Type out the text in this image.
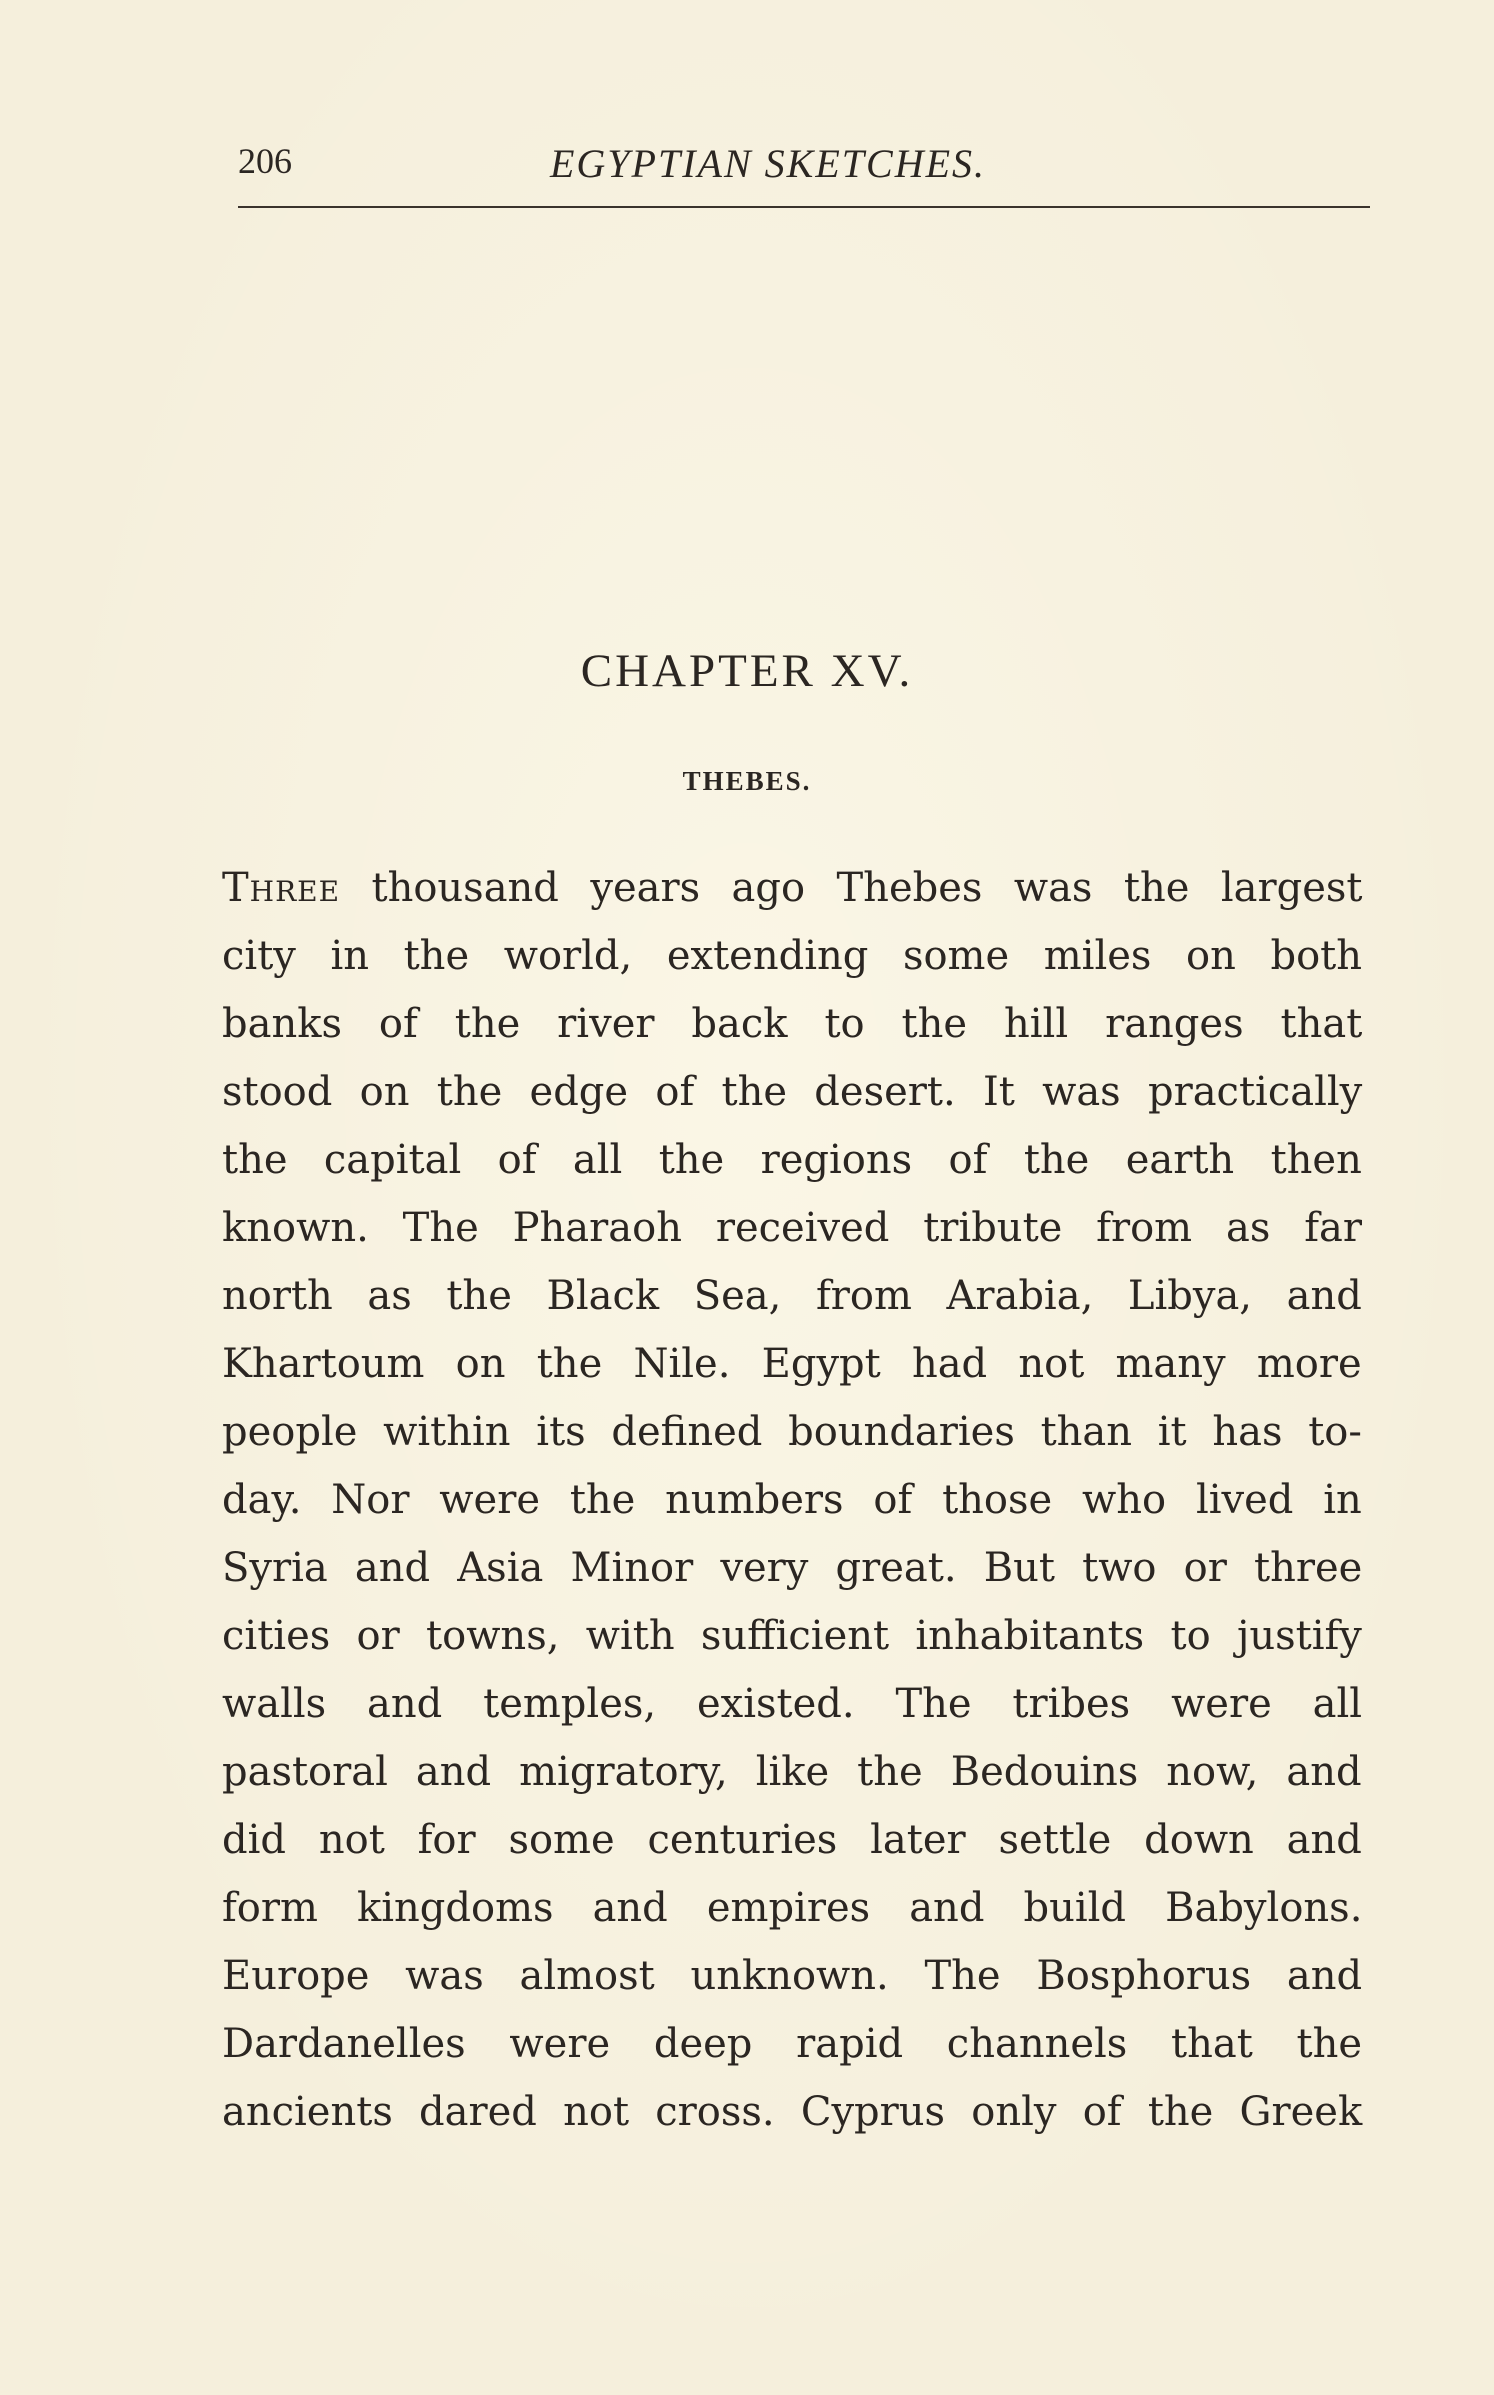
206	EGYPTIAN SKETCHES.
CHAPTER XV.
THEBES.
Three thousand years ago Thebes was the largest
city in the world, extending some miles on both
banks of the river back to the hill ranges that
stood on the edge of the desert. It was practically
the capital of all the regions of the earth then
known. The Pharaoh received tribute from as far
north as the Black Sea, from Arabia, Libya, and
Khartoum on the Nile. Egypt had not many more
people within its defined boundaries than it has to-
day. Nor were the numbers of those who lived in
Syria and Asia Minor very great. But two or three
cities or towns, with sufficient inhabitants to justify
walls and temples, existed. The tribes were all
pastoral and migratory, like the Bedouins now, and
did not for some centuries later settle down and
form kingdoms and empires and build Babylons.
Europe was almost unknown. The Bosphorus and
Dardanelles were deep rapid channels that the
ancients dared not cross. Cyprus only of the Greek
